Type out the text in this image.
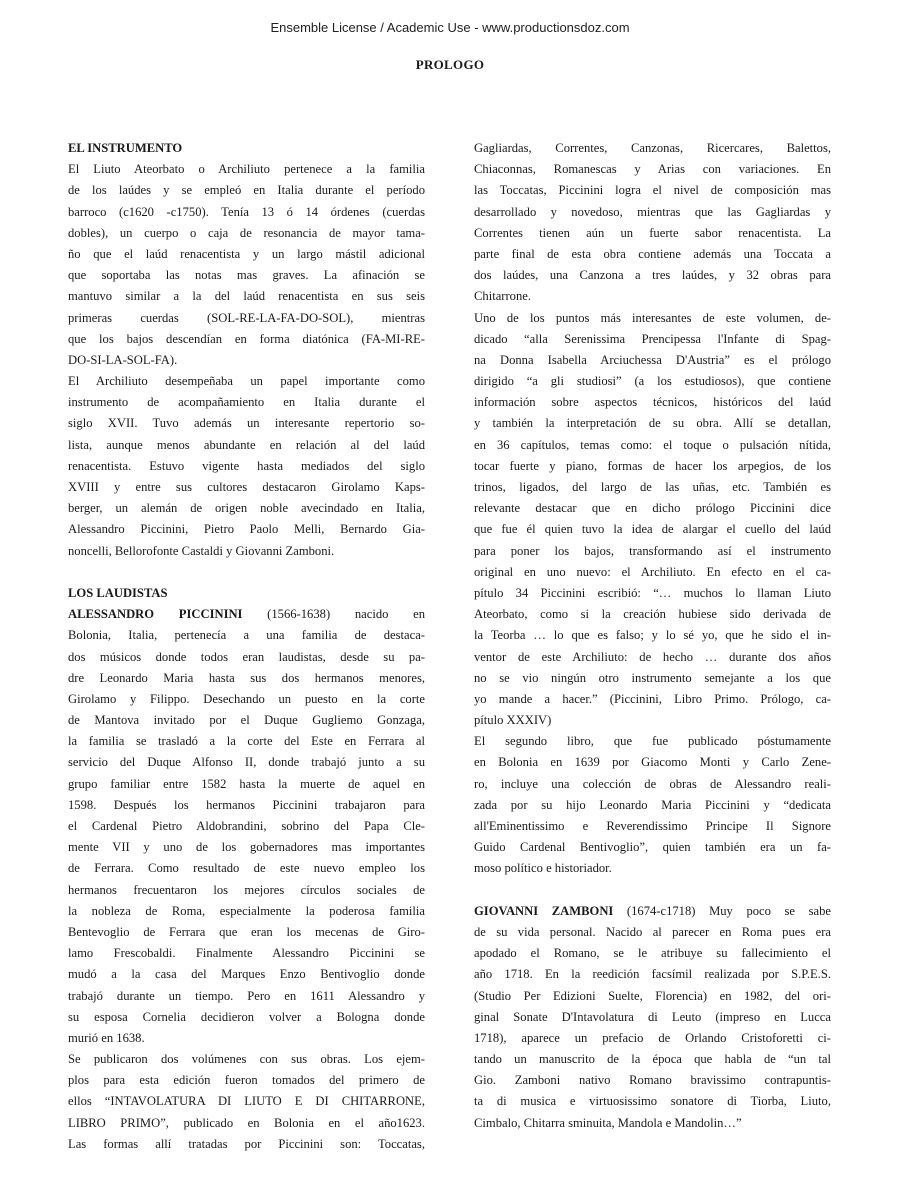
Ensemble License / Academic Use - www.productionsdoz.com
PROLOGO
EL INSTRUMENTO
El Liuto Ateorbato o Archiliuto pertenece a la familia
de los laúdes y se empleó en Italia durante el período
barroco (c1620 -c1750). Tenía 13 ó 14 órdenes (cuerdas
dobles), un cuerpo o caja de resonancia de mayor tama-
ño que el laúd renacentista y un largo mástil adicional
que soportaba las notas mas graves. La afinación se
mantuvo similar a la del laúd renacentista en sus seis
primeras cuerdas (SOL-RE-LA-FA-DO-SOL), mientras
que los bajos descendían en forma diatónica (FA-MI-RE-
DO-SI-LA-SOL-FA).
El Archiliuto desempeñaba un papel importante como
instrumento de acompañamiento en Italia durante el
siglo XVII. Tuvo además un interesante repertorio so-
lista, aunque menos abundante en relación al del laúd
renacentista. Estuvo vigente hasta mediados del siglo
XVIII y entre sus cultores destacaron Girolamo Kaps-
berger, un alemán de origen noble avecindado en Italia,
Alessandro Piccinini, Pietro Paolo Melli, Bernardo Gia-
noncelli, Bellorofonte Castaldi y Giovanni Zamboni.
LOS LAUDISTAS
ALESSANDRO PICCININI (1566-1638) nacido en
Bolonia, Italia, pertenecía a una familia de destaca-
dos músicos donde todos eran laudistas, desde su pa-
dre Leonardo Maria hasta sus dos hermanos menores,
Girolamo y Filippo. Desechando un puesto en la corte
de Mantova invitado por el Duque Gugliemo Gonzaga,
la familia se trasladó a la corte del Este en Ferrara al
servicio del Duque Alfonso II, donde trabajó junto a su
grupo familiar entre 1582 hasta la muerte de aquel en
1598. Después los hermanos Piccinini trabajaron para
el Cardenal Pietro Aldobrandini, sobrino del Papa Cle-
mente VII y uno de los gobernadores mas importantes
de Ferrara. Como resultado de este nuevo empleo los
hermanos frecuentaron los mejores círculos sociales de
la nobleza de Roma, especialmente la poderosa familia
Bentevoglio de Ferrara que eran los mecenas de Giro-
lamo Frescobaldi. Finalmente Alessandro Piccinini se
mudó a la casa del Marques Enzo Bentivoglio donde
trabajó durante un tiempo. Pero en 1611 Alessandro y
su esposa Cornelia decidieron volver a Bologna donde
murió en 1638.
Se publicaron dos volúmenes con sus obras. Los ejem-
plos para esta edición fueron tomados del primero de
ellos “INTAVOLATURA DI LIUTO E DI CHITARRONE,
LIBRO PRIMO”, publicado en Bolonia en el año1623.
Las formas allí tratadas por Piccinini son: Toccatas,
Gagliardas, Correntes, Canzonas, Ricercares, Balettos,
Chiaconnas, Romanescas y Arias con variaciones. En
las Toccatas, Piccinini logra el nivel de composición mas
desarrollado y novedoso, mientras que las Gagliardas y
Correntes tienen aún un fuerte sabor renacentista. La
parte final de esta obra contiene además una Toccata a
dos laúdes, una Canzona a tres laúdes, y 32 obras para
Chitarrone.
Uno de los puntos más interesantes de este volumen, de-
dicado “alla Serenissima Prencipessa l'Infante di Spag-
na Donna Isabella Arciuchessa D'Austria” es el prólogo
dirigido “a gli studiosi” (a los estudiosos), que contiene
información sobre aspectos técnicos, históricos del laúd
y también la interpretación de su obra. Allí se detallan,
en 36 capítulos, temas como: el toque o pulsación nítida,
tocar fuerte y piano, formas de hacer los arpegios, de los
trinos, ligados, del largo de las uñas, etc. También es
relevante destacar que en dicho prólogo Piccinini dice
que fue él quien tuvo la idea de alargar el cuello del laúd
para poner los bajos, transformando así el instrumento
original en uno nuevo: el Archiliuto. En efecto en el ca-
pítulo 34 Piccinini escribió: “… muchos lo llaman Liuto
Ateorbato, como si la creación hubiese sido derivada de
la Teorba … lo que es falso; y lo sé yo, que he sido el in-
ventor de este Archiliuto: de hecho … durante dos años
no se vio ningún otro instrumento semejante a los que
yo mande a hacer.” (Piccinini, Libro Primo. Prólogo, ca-
pítulo XXXIV)
El segundo libro, que fue publicado póstumamente
en Bolonia en 1639 por Giacomo Monti y Carlo Zene-
ro, incluye una colección de obras de Alessandro reali-
zada por su hijo Leonardo Maria Piccinini y “dedicata
all'Eminentissimo e Reverendissimo Principe Il Signore
Guido Cardenal Bentivoglio”, quien también era un fa-
moso político e historiador.
GIOVANNI ZAMBONI (1674-c1718) Muy poco se sabe
de su vida personal. Nacido al parecer en Roma pues era
apodado el Romano, se le atribuye su fallecimiento el
año 1718. En la reedición facsímil realizada por S.P.E.S.
(Studio Per Edizioni Suelte, Florencia) en 1982, del ori-
ginal Sonate D'Intavolatura di Leuto (impreso en Lucca
1718), aparece un prefacio de Orlando Cristoforetti ci-
tando un manuscrito de la época que habla de “un tal
Gio. Zamboni nativo Romano bravissimo contrapuntis-
ta di musica e virtuosissimo sonatore di Tiorba, Liuto,
Cimbalo, Chitarra sminuita, Mandola e Mandolin…”
